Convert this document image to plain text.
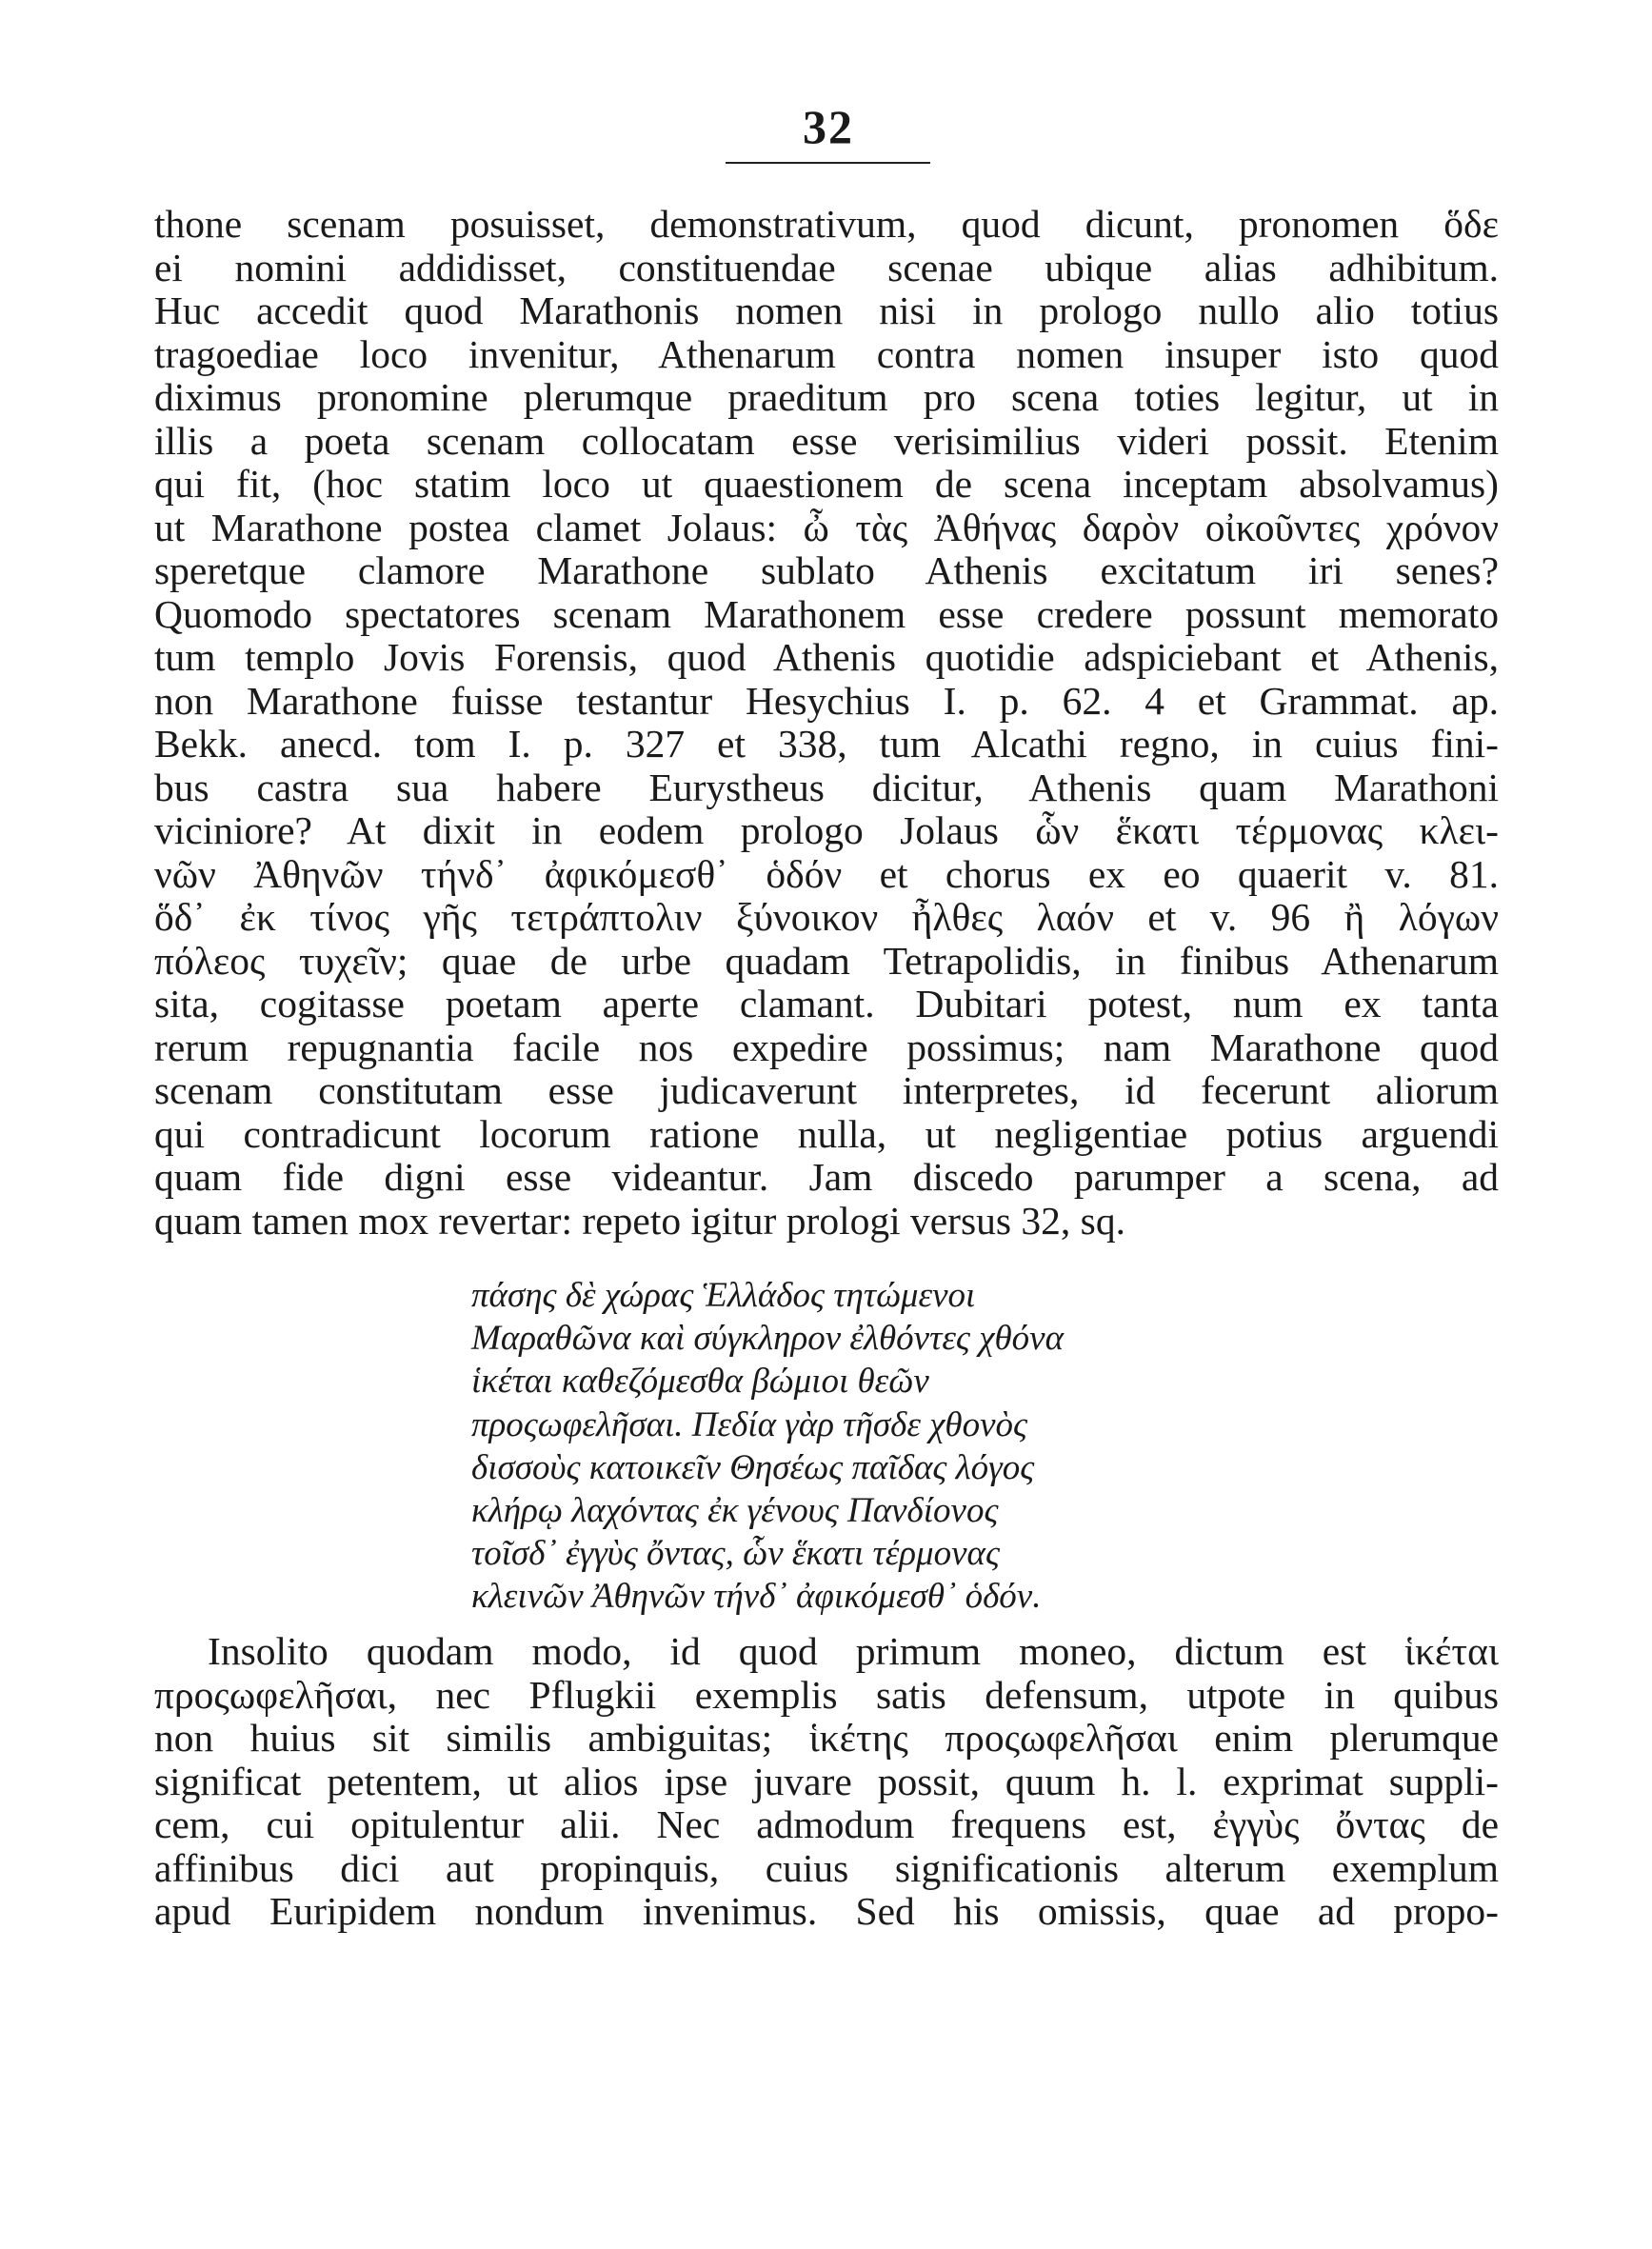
32
thone scenam posuisset, demonstrativum, quod dicunt, pronomen ὅδε
ei nomini addidisset, constituendae scenae ubique alias adhibitum.
Huc accedit quod Marathonis nomen nisi in prologo nullo alio totius
tragoediae loco invenitur, Athenarum contra nomen insuper isto quod
diximus pronomine plerumque praeditum pro scena toties legitur, ut in
illis a poeta scenam collocatam esse verisimilius videri possit. Etenim
qui fit, (hoc statim loco ut quaestionem de scena inceptam absolvamus)
ut Marathone postea clamet Jolaus: ὦ τὰς Ἀθήνας δαρὸν οἰκοῦντες χρόνον
speretque clamore Marathone sublato Athenis excitatum iri senes?
Quomodo spectatores scenam Marathonem esse credere possunt memorato
tum templo Jovis Forensis, quod Athenis quotidie adspiciebant et Athenis,
non Marathone fuisse testantur Hesychius I. p. 62. 4 et Grammat. ap.
Bekk. anecd. tom I. p. 327 et 338, tum Alcathi regno, in cuius fini-
bus castra sua habere Eurystheus dicitur, Athenis quam Marathoni
viciniore? At dixit in eodem prologo Jolaus ὧν ἕκατι τέρμονας κλει-
νῶν Ἀθηνῶν τήνδ᾽ ἀφικόμεσθ᾽ ὁδόν et chorus ex eo quaerit v. 81.
ὅδ᾽ ἐκ τίνος γῆς τετράπτολιν ξύνοικον ἦλθες λαόν et v. 96 ἢ λόγων
πόλεος τυχεῖν; quae de urbe quadam Tetrapolidis, in finibus Athenarum
sita, cogitasse poetam aperte clamant. Dubitari potest, num ex tanta
rerum repugnantia facile nos expedire possimus; nam Marathone quod
scenam constitutam esse judicaverunt interpretes, id fecerunt aliorum
qui contradicunt locorum ratione nulla, ut negligentiae potius arguendi
quam fide digni esse videantur. Jam discedo parumper a scena, ad
quam tamen mox revertar: repeto igitur prologi versus 32, sq.
πάσης δὲ χώρας Ἑλλάδος τητώμενοι
Μαραθῶνα καὶ σύγκληρον ἐλθόντες χθόνα
ἱκέται καθεζόμεσθα βώμιοι θεῶν
προςωφελῆσαι. Πεδία γὰρ τῆσδε χθονὸς
δισσοὺς κατοικεῖν Θησέως παῖδας λόγος
κλήρῳ λαχόντας ἐκ γένους Πανδίονος
τοῖσδ᾽ ἐγγὺς ὄντας, ὧν ἕκατι τέρμονας
κλεινῶν Ἀθηνῶν τήνδ᾽ ἀφικόμεσθ᾽ ὁδόν.
Insolito quodam modo, id quod primum moneo, dictum est ἱκέται
προςωφελῆσαι, nec Pflugkii exemplis satis defensum, utpote in quibus
non huius sit similis ambiguitas; ἱκέτης προςωφελῆσαι enim plerumque
significat petentem, ut alios ipse juvare possit, quum h. l. exprimat suppli-
cem, cui opitulentur alii. Nec admodum frequens est, ἐγγὺς ὄντας de
affinibus dici aut propinquis, cuius significationis alterum exemplum
apud Euripidem nondum invenimus. Sed his omissis, quae ad propo-
